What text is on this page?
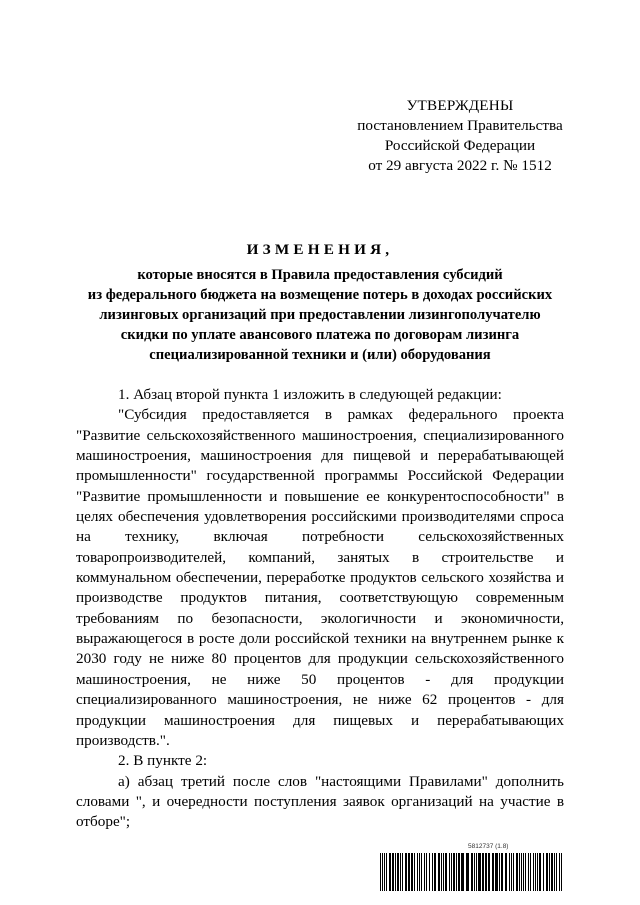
УТВЕРЖДЕНЫ
постановлением Правительства
Российской Федерации
от 29 августа 2022 г. № 1512
ИЗМЕНЕНИЯ,
которые вносятся в Правила предоставления субсидий
из федерального бюджета на возмещение потерь в доходах российских
лизинговых организаций при предоставлении лизингополучателю
скидки по уплате авансового платежа по договорам лизинга
специализированной техники и (или) оборудования

1. Абзац второй пункта 1 изложить в следующей редакции:

"Субсидия предоставляется в рамках федерального проекта "Развитие сельскохозяйственного машиностроения, специализированного машиностроения, машиностроения для пищевой и перерабатывающей промышленности" государственной программы Российской Федерации "Развитие промышленности и повышение ее конкурентоспособности" в целях обеспечения удовлетворения российскими производителями спроса на технику, включая потребности сельскохозяйственных товаропроизводителей, компаний, занятых в строительстве и коммунальном обеспечении, переработке продуктов сельского хозяйства и производстве продуктов питания, соответствующую современным требованиям по безопасности, экологичности и экономичности, выражающегося в росте доли российской техники на внутреннем рынке к 2030 году не ниже 80 процентов для продукции сельскохозяйственного машиностроения, не ниже 50 процентов - для продукции специализированного машиностроения, не ниже 62 процентов - для продукции машиностроения для пищевых и перерабатывающих производств.".

2. В пункте 2:

а) абзац третий после слов "настоящими Правилами" дополнить словами ", и очередности поступления заявок организаций на участие в отборе";

5812737 (1.8)
